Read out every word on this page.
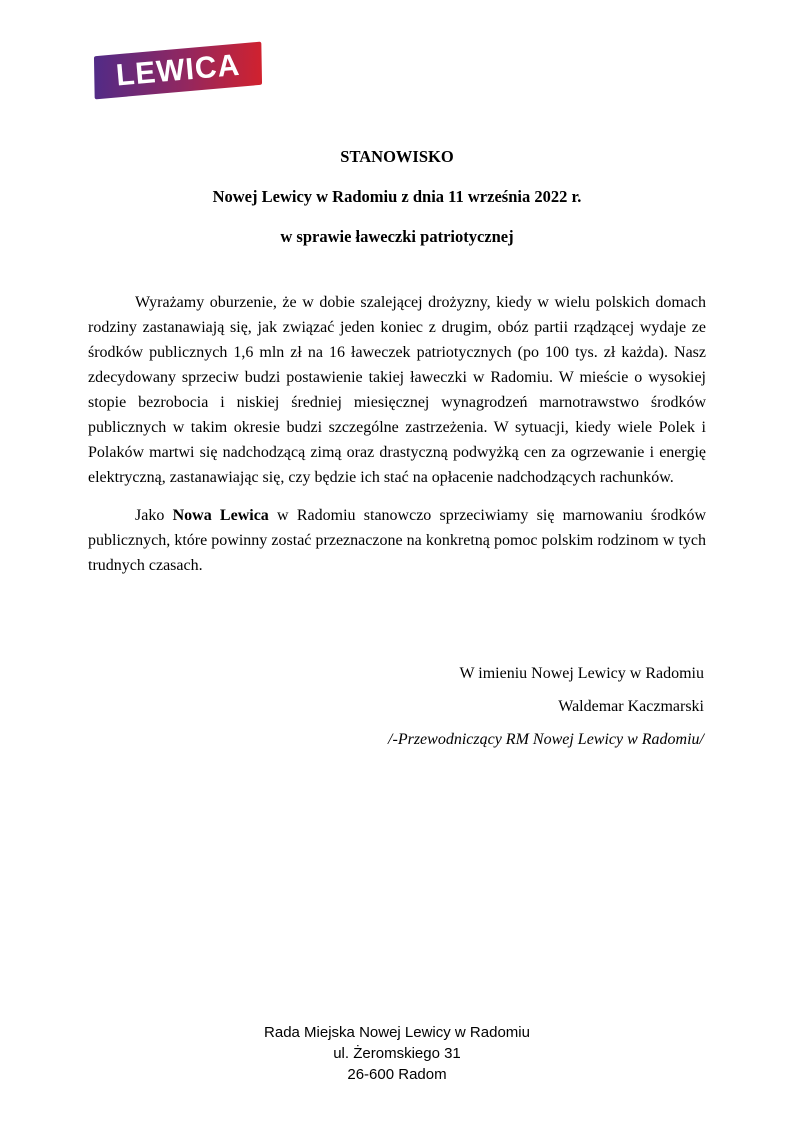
LEWICA

STANOWISKO

Nowej Lewicy w Radomiu z dnia 11 września 2022 r.

w sprawie ławeczki patriotycznej

Wyrażamy oburzenie, że w dobie szalejącej drożyzny, kiedy w wielu polskich domach rodziny zastanawiają się, jak związać jeden koniec z drugim, obóz partii rządzącej wydaje ze środków publicznych 1,6 mln zł na 16 ławeczek patriotycznych (po 100 tys. zł każda). Nasz zdecydowany sprzeciw budzi postawienie takiej ławeczki w Radomiu. W mieście o wysokiej stopie bezrobocia i niskiej średniej miesięcznej wynagrodzeń marnotrawstwo środków publicznych w takim okresie budzi szczególne zastrzeżenia. W sytuacji, kiedy wiele Polek i Polaków martwi się nadchodzącą zimą oraz drastyczną podwyżką cen za ogrzewanie i energię elektryczną, zastanawiając się, czy będzie ich stać na opłacenie nadchodzących rachunków.

Jako Nowa Lewica w Radomiu stanowczo sprzeciwiamy się marnowaniu środków publicznych, które powinny zostać przeznaczone na konkretną pomoc polskim rodzinom w tych trudnych czasach.

W imieniu Nowej Lewicy w Radomiu

Waldemar Kaczmarski

/-Przewodniczący RM Nowej Lewicy w Radomiu/

Rada Miejska Nowej Lewicy w Radomiu

ul. Żeromskiego 31

26-600 Radom
